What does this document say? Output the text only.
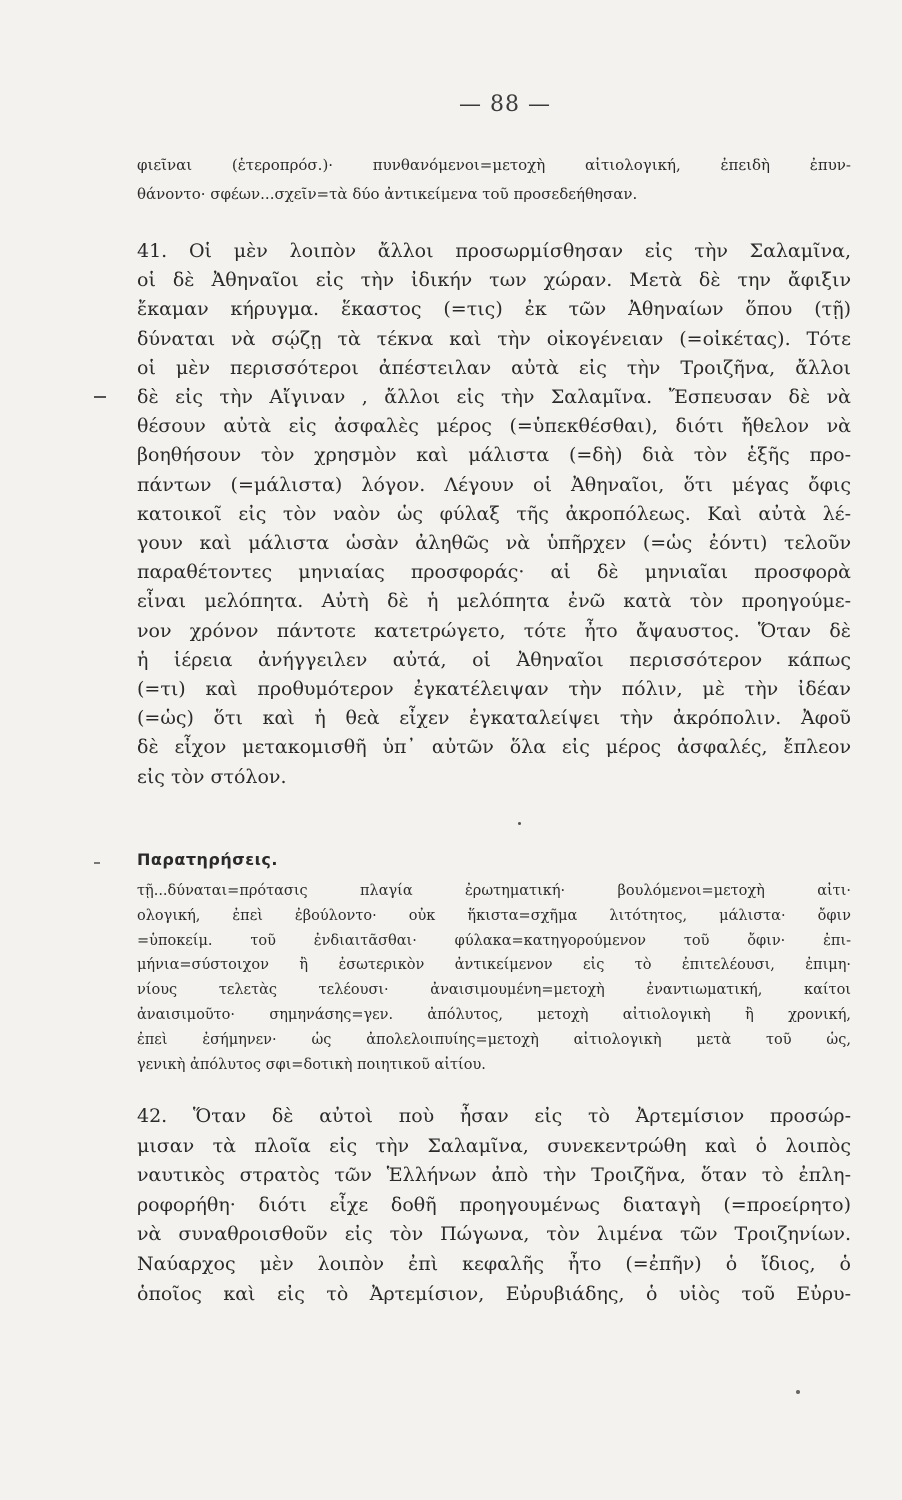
— 88 —
φιεῖναι (ἑτεροπρόσ.)· πυνθανόμενοι=μετοχὴ αἰτιολογική, ἐπειδὴ ἐπυν-
θάνοντο· σφέων...σχεῖν=τὰ δύο ἀντικείμενα τοῦ προσεδεήθησαν.
41. Οἱ μὲν λοιπὸν ἄλλοι προσωρμίσθησαν εἰς τὴν Σαλαμῖνα,
οἱ δὲ Ἀθηναῖοι εἰς τὴν ἰδικήν των χώραν. Μετὰ δὲ την ἄφιξιν
ἔκαμαν κήρυγμα. ἕκαστος (=τις) ἐκ τῶν Ἀθηναίων ὅπου (τῇ)
δύναται νὰ σῴζῃ τὰ τέκνα καὶ τὴν οἰκογένειαν (=οἰκέτας). Τότε
οἱ μὲν περισσότεροι ἀπέστειλαν αὐτὰ εἰς τὴν Τροιζῆνα, ἄλλοι
δὲ εἰς τὴν Αἴγιναν , ἄλλοι εἰς τὴν Σαλαμῖνα. Ἔσπευσαν δὲ νὰ
θέσουν αὐτὰ εἰς ἀσφαλὲς μέρος (=ὑπεκθέσθαι), διότι ἤθελον νὰ
βοηθήσουν τὸν χρησμὸν καὶ μάλιστα (=δὴ) διὰ τὸν ἑξῆς προ-
πάντων (=μάλιστα) λόγον. Λέγουν οἱ Ἀθηναῖοι, ὅτι μέγας ὄφις
κατοικοῖ εἰς τὸν ναὸν ὡς φύλαξ τῆς ἀκροπόλεως. Καὶ αὐτὰ λέ-
γουν καὶ μάλιστα ὡσὰν ἀληθῶς νὰ ὑπῆρχεν (=ὡς ἐόντι) τελοῦν
παραθέτοντες μηνιαίας προσφοράς· αἱ δὲ μηνιαῖαι προσφορὰ
εἶναι μελόπητα. Αὐτὴ δὲ ἡ μελόπητα ἐνῶ κατὰ τὸν προηγούμε-
νον χρόνον πάντοτε κατετρώγετο, τότε ἦτο ἄψαυστος. Ὅταν δὲ
ἡ ἱέρεια ἀνήγγειλεν αὐτά, οἱ Ἀθηναῖοι περισσότερον κάπως
(=τι) καὶ προθυμότερον ἐγκατέλειψαν τὴν πόλιν, μὲ τὴν ἰδέαν
(=ὡς) ὅτι καὶ ἡ θεὰ εἶχεν ἐγκαταλείψει τὴν ἀκρόπολιν. Ἀφοῦ
δὲ εἶχον μετακομισθῆ ὑπ᾽ αὐτῶν ὅλα εἰς μέρος ἀσφαλές, ἔπλεον
εἰς τὸν στόλον.
Παρατηρήσεις.
τῇ...δύναται=πρότασις πλαγία ἐρωτηματική· βουλόμενοι=μετοχὴ αἰτι·
ολογική, ἐπεὶ ἐβούλοντο· οὐκ ἥκιστα=σχῆμα λιτότητος, μάλιστα· ὄφιν
=ὑποκείμ. τοῦ ἐνδιαιτᾶσθαι· φύλακα=κατηγορούμενον τοῦ ὄφιν· ἐπι-
μήνια=σύστοιχον ἢ ἐσωτερικὸν ἀντικείμενον εἰς τὸ ἐπιτελέουσι, ἐπιμη·
νίους τελετὰς τελέουσι· ἀναισιμουμένη=μετοχὴ ἐναντιωματική, καίτοι
ἀναισιμοῦτο· σημηνάσης=γεν. ἀπόλυτος, μετοχὴ αἰτιολογικὴ ἢ χρονική,
ἐπεὶ ἐσήμηνεν· ὡς ἀπολελοιπυίης=μετοχὴ αἰτιολογικὴ μετὰ τοῦ ὡς,
γενικὴ ἀπόλυτος σφι=δοτικὴ ποιητικοῦ αἰτίου.
42. Ὅταν δὲ αὐτοὶ ποὺ ἦσαν εἰς τὸ Ἀρτεμίσιον προσώρ-
μισαν τὰ πλοῖα εἰς τὴν Σαλαμῖνα, συνεκεντρώθη καὶ ὁ λοιπὸς
ναυτικὸς στρατὸς τῶν Ἑλλήνων ἀπὸ τὴν Τροιζῆνα, ὅταν τὸ ἐπλη-
ροφορήθη· διότι εἶχε δοθῆ προηγουμένως διαταγὴ (=προείρητο)
νὰ συναθροισθοῦν εἰς τὸν Πώγωνα, τὸν λιμένα τῶν Τροιζηνίων.
Ναύαρχος μὲν λοιπὸν ἐπὶ κεφαλῆς ἦτο (=ἐπῆν) ὁ ἴδιος, ὁ
ὁποῖος καὶ εἰς τὸ Ἀρτεμίσιον, Εὐρυβιάδης, ὁ υἱὸς τοῦ Εὐρυ-
